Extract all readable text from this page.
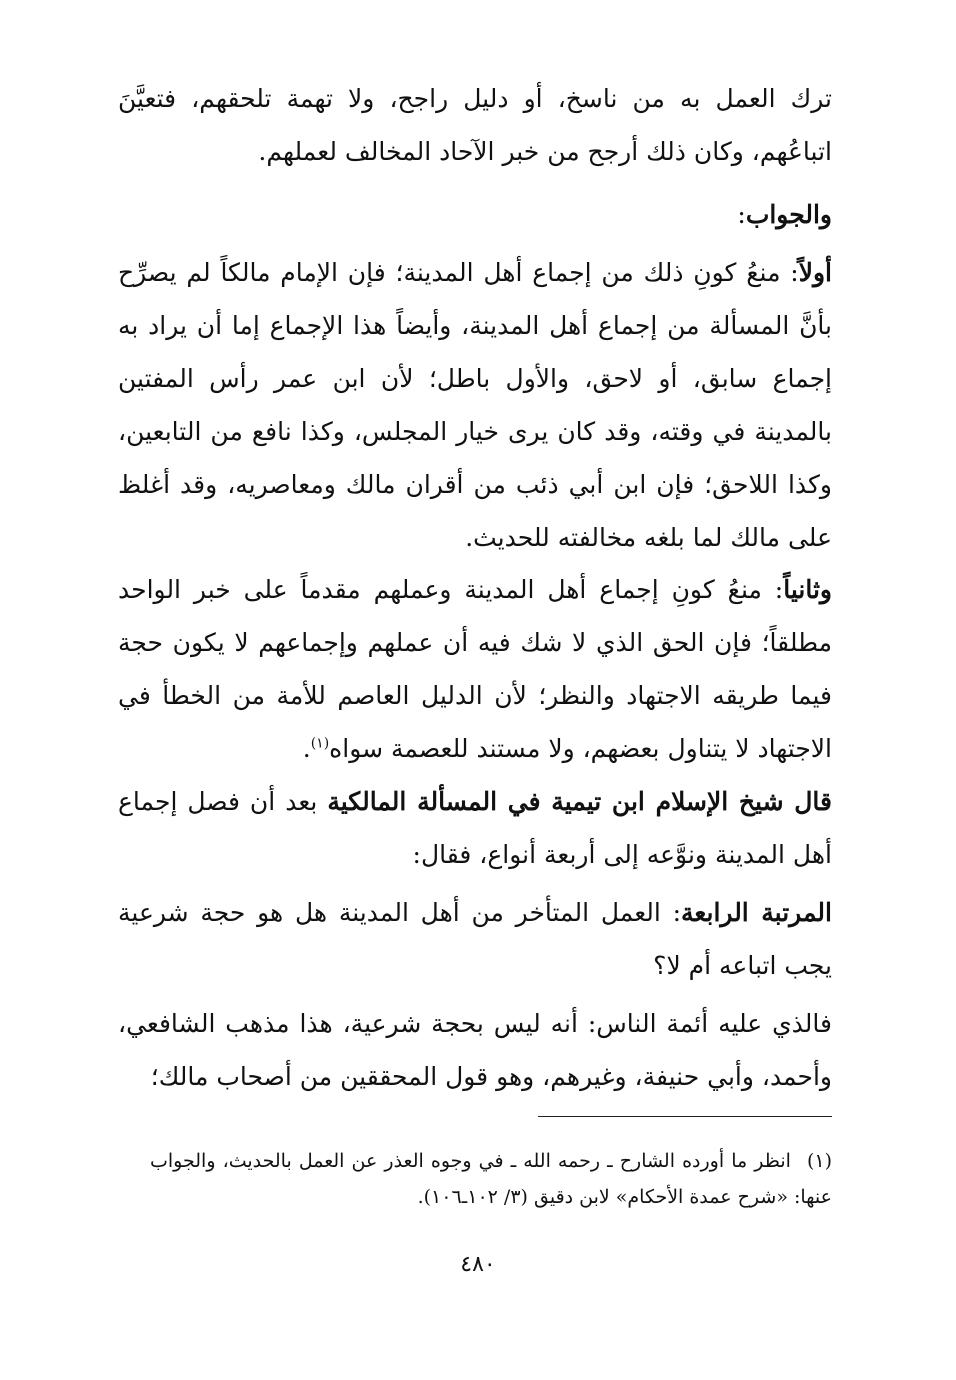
ترك العمل به من ناسخ، أو دليل راجح، ولا تهمة تلحقهم، فتعيَّنَ اتباعُهم، وكان ذلك أرجح من خبر الآحاد المخالف لعملهم.

والجواب:

أولاً: منعُ كونِ ذلك من إجماع أهل المدينة؛ فإن الإمام مالكاً لم يصرِّح بأنَّ المسألة من إجماع أهل المدينة، وأيضاً هذا الإجماع إما أن يراد به إجماع سابق، أو لاحق، والأول باطل؛ لأن ابن عمر رأس المفتين بالمدينة في وقته، وقد كان يرى خيار المجلس، وكذا نافع من التابعين، وكذا اللاحق؛ فإن ابن أبي ذئب من أقران مالك ومعاصريه، وقد أغلظ على مالك لما بلغه مخالفته للحديث.

وثانياً: منعُ كونِ إجماع أهل المدينة وعملهم مقدماً على خبر الواحد مطلقاً؛ فإن الحق الذي لا شك فيه أن عملهم وإجماعهم لا يكون حجة فيما طريقه الاجتهاد والنظر؛ لأن الدليل العاصم للأمة من الخطأ في الاجتهاد لا يتناول بعضهم، ولا مستند للعصمة سواه$^{(١)}$.

قال شيخ الإسلام ابن تيمية في المسألة المالكية بعد أن فصل إجماع أهل المدينة ونوَّعه إلى أربعة أنواع، فقال:

المرتبة الرابعة: العمل المتأخر من أهل المدينة هل هو حجة شرعية يجب اتباعه أم لا؟

فالذي عليه أئمة الناس: أنه ليس بحجة شرعية، هذا مذهب الشافعي، وأحمد، وأبي حنيفة، وغيرهم، وهو قول المحققين من أصحاب مالك؛

(١) انظر ما أورده الشارح ـ رحمه الله ـ في وجوه العذر عن العمل بالحديث، والجواب عنها: «شرح عمدة الأحكام» لابن دقيق (٣/ ١٠٢ـ١٠٦).
٤٨٠
